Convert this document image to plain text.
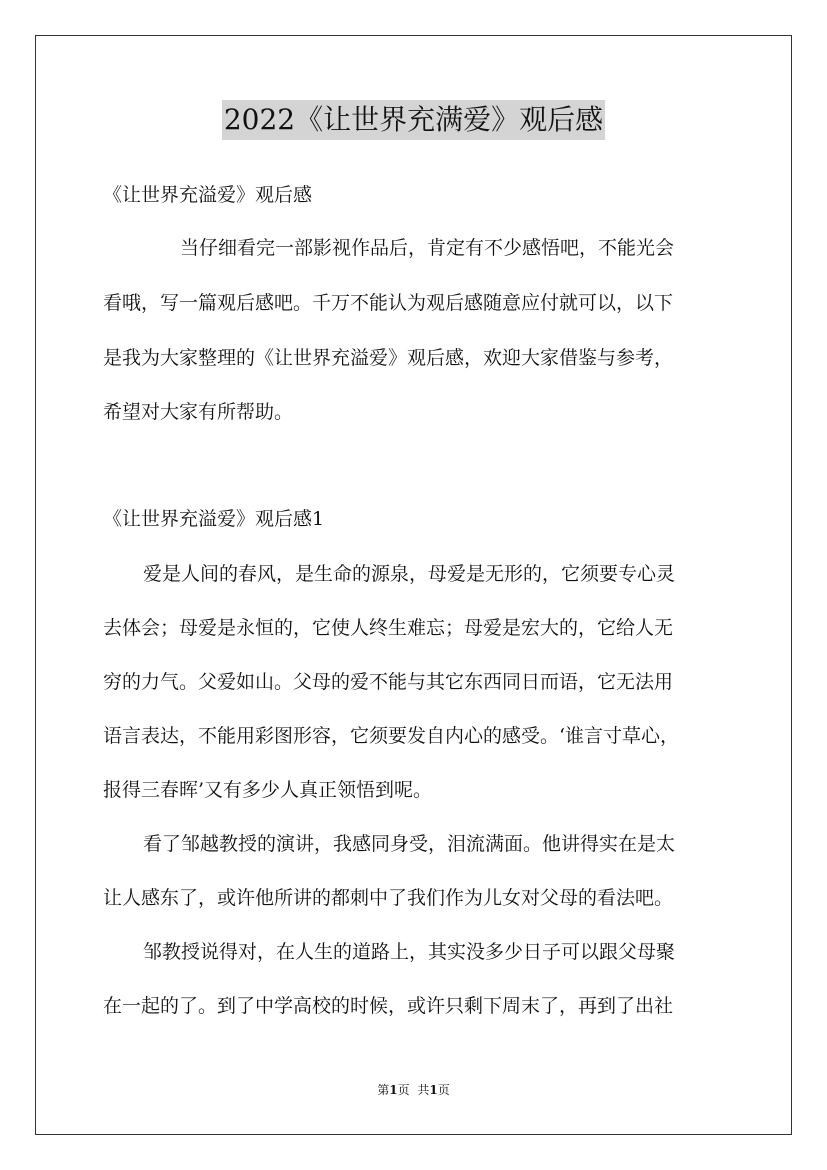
2022《让世界充满爱》观后感
《让世界充溢爱》观后感
当仔细看完一部影视作品后，肯定有不少感悟吧，不能光会
看哦，写一篇观后感吧。千万不能认为观后感随意应付就可以，以下
是我为大家整理的《让世界充溢爱》观后感，欢迎大家借鉴与参考，
希望对大家有所帮助。
《让世界充溢爱》观后感1
爱是人间的春风，是生命的源泉，母爱是无形的，它须要专心灵
去体会；母爱是永恒的，它使人终生难忘；母爱是宏大的，它给人无
穷的力气。父爱如山。父母的爱不能与其它东西同日而语，它无法用
语言表达，不能用彩图形容，它须要发自内心的感受。‘谁言寸草心，
报得三春晖’又有多少人真正领悟到呢。
看了邹越教授的演讲，我感同身受，泪流满面。他讲得实在是太
让人感东了，或许他所讲的都刺中了我们作为儿女对父母的看法吧。
邹教授说得对，在人生的道路上，其实没多少日子可以跟父母聚
在一起的了。到了中学高校的时候，或许只剩下周末了，再到了出社
第1页 共1页
